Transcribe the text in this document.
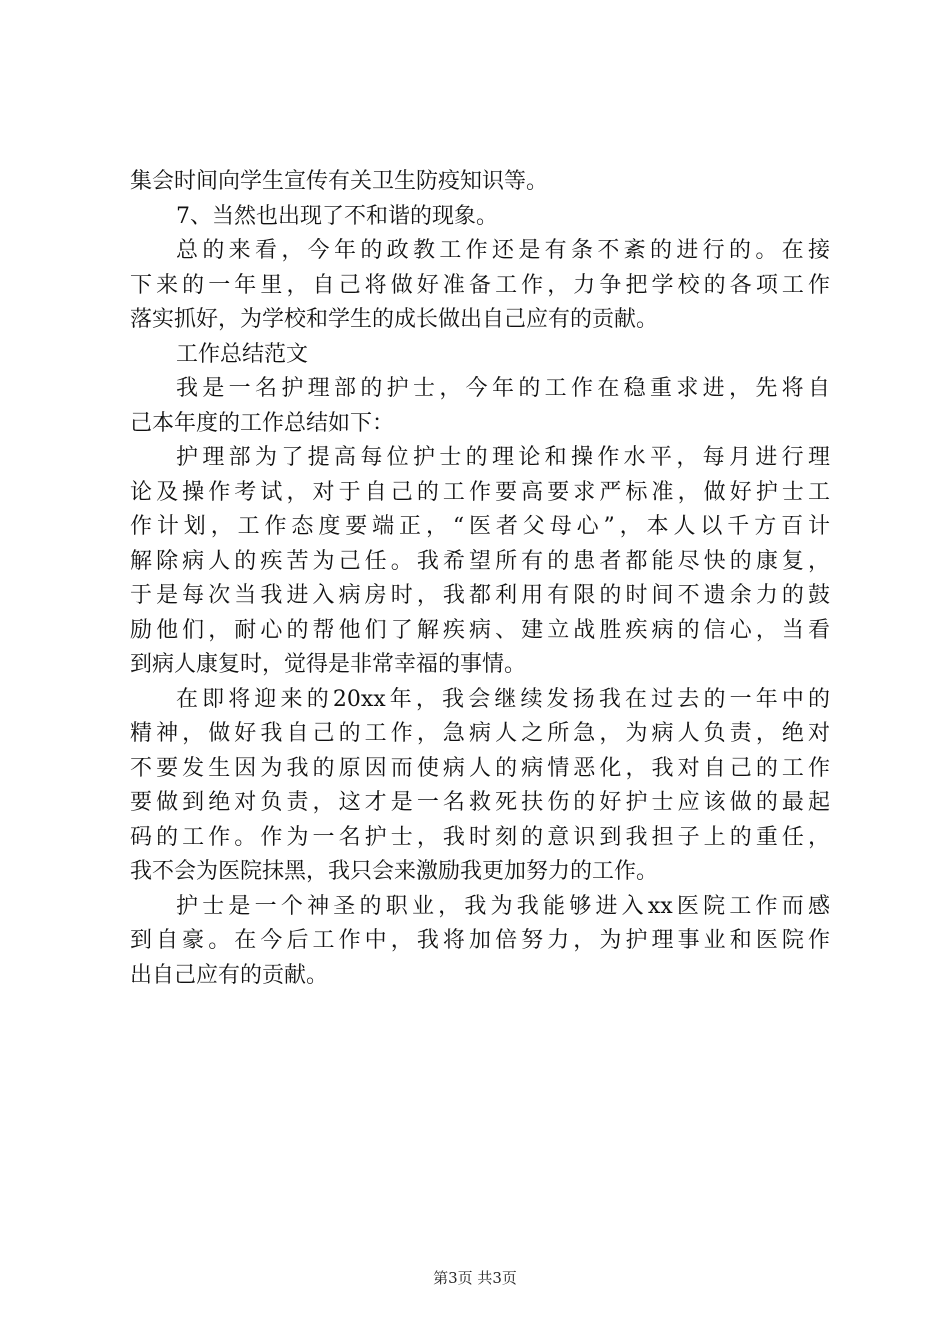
集会时间向学生宣传有关卫生防疫知识等。
7、当然也出现了不和谐的现象。
总的来看，今年的政教工作还是有条不紊的进行的。在接
下来的一年里，自己将做好准备工作，力争把学校的各项工作
落实抓好，为学校和学生的成长做出自己应有的贡献。
工作总结范文
我是一名护理部的护士，今年的工作在稳重求进，先将自
己本年度的工作总结如下：
护理部为了提高每位护士的理论和操作水平，每月进行理
论及操作考试，对于自己的工作要高要求严标准，做好护士工
作计划，工作态度要端正，“医者父母心”，本人以千方百计
解除病人的疾苦为己任。我希望所有的患者都能尽快的康复，
于是每次当我进入病房时，我都利用有限的时间不遗余力的鼓
励他们，耐心的帮他们了解疾病、建立战胜疾病的信心，当看
到病人康复时，觉得是非常幸福的事情。
在即将迎来的20xx年，我会继续发扬我在过去的一年中的
精神，做好我自己的工作，急病人之所急，为病人负责，绝对
不要发生因为我的原因而使病人的病情恶化，我对自己的工作
要做到绝对负责，这才是一名救死扶伤的好护士应该做的最起
码的工作。作为一名护士，我时刻的意识到我担子上的重任，
我不会为医院抹黑，我只会来激励我更加努力的工作。
护士是一个神圣的职业，我为我能够进入xx医院工作而感
到自豪。在今后工作中，我将加倍努力，为护理事业和医院作
出自己应有的贡献。
第3页 共3页
